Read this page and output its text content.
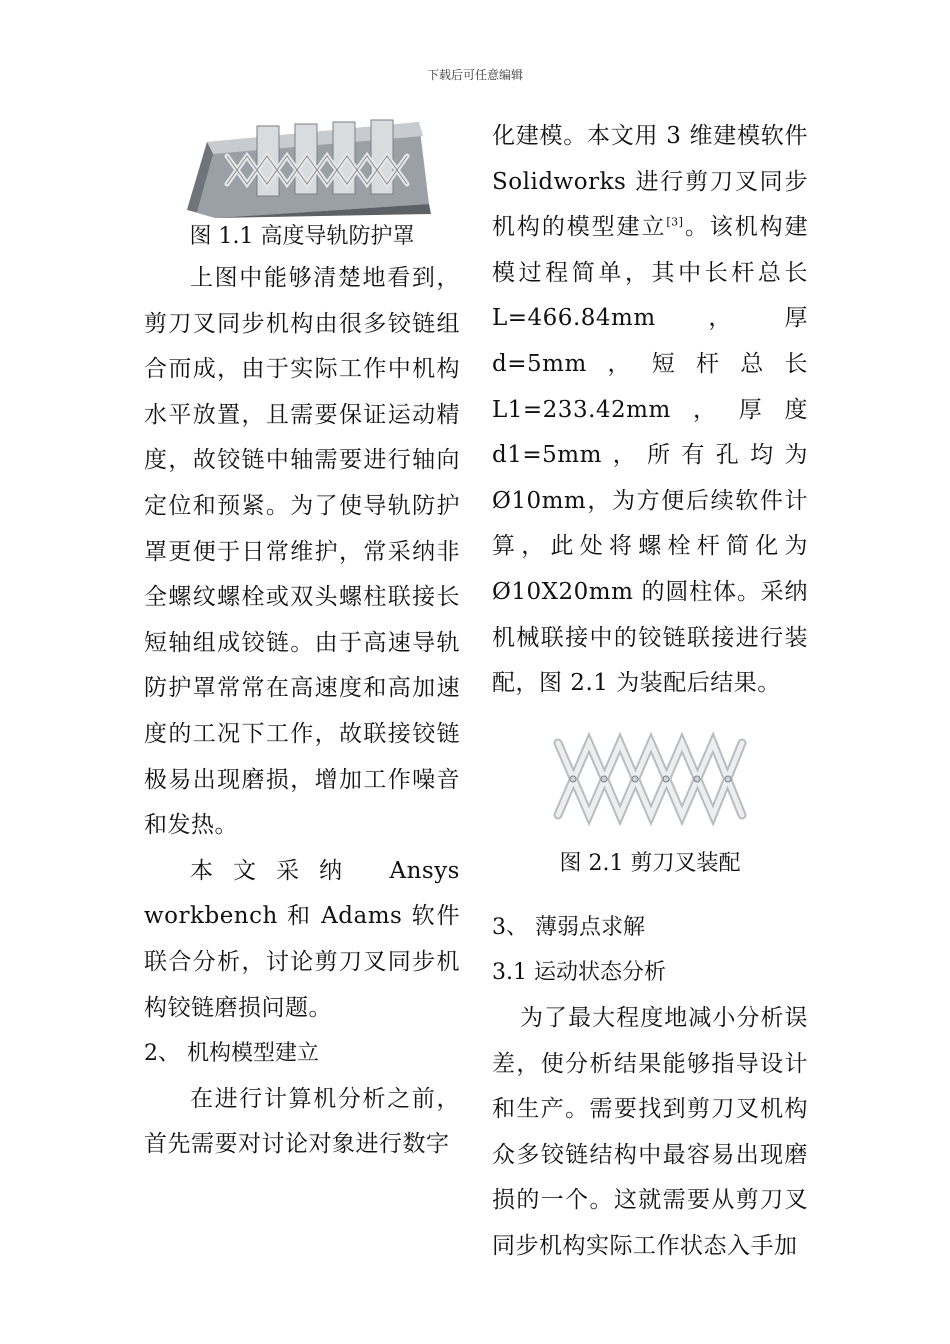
下载后可任意编辑
图 1.1 高度导轨防护罩

上图中能够清楚地看到，剪刀叉同步机构由很多铰链组合而成，由于实际工作中机构水平放置，且需要保证运动精度，故铰链中轴需要进行轴向定位和预紧。为了使导轨防护罩更便于日常维护，常采纳非全螺纹螺栓或双头螺柱联接长短轴组成铰链。由于高速导轨防护罩常常在高速度和高加速度的工况下工作，故联接铰链极易出现磨损，增加工作噪音和发热。

本文采纳 Ansys workbench 和 Adams 软件联合分析，讨论剪刀叉同步机构铰链磨损问题。

2、 机构模型建立

在进行计算机分析之前，首先需要对讨论对象进行数字

化建模。本文用 3 维建模软件 Solidworks 进行剪刀叉同步机构的模型建立[3]。该机构建模过程简单，其中长杆总长 L=466.84mm，厚 d=5mm，短杆总长 L1=233.42mm，厚度 d1=5mm，所有孔均为 Ø10mm，为方便后续软件计算，此处将螺栓杆简化为 Ø10X20mm 的圆柱体。采纳机械联接中的铰链联接进行装配，图 2.1 为装配后结果。

图 2.1 剪刀叉装配
3、 薄弱点求解
3.1 运动状态分析

为了最大程度地减小分析误差，使分析结果能够指导设计和生产。需要找到剪刀叉机构众多铰链结构中最容易出现磨损的一个。这就需要从剪刀叉同步机构实际工作状态入手加
